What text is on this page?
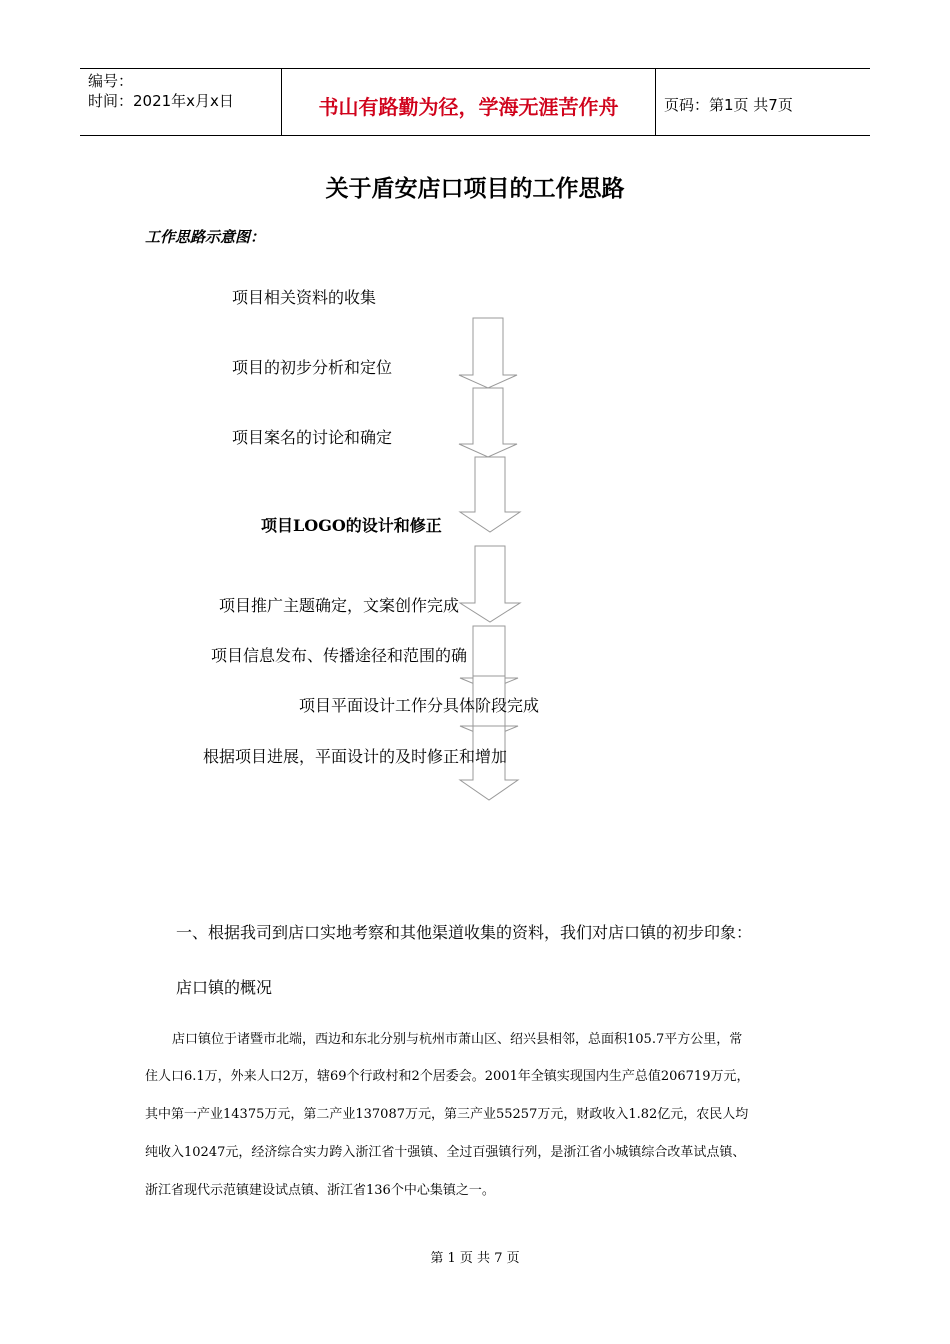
编号：
时间：2021年x月x日	书山有路勤为径，学海无涯苦作舟	页码：第1页 共7页
关于盾安店口项目的工作思路
工作思路示意图：
项目相关资料的收集
项目的初步分析和定位
项目案名的讨论和确定
项目LOGO的设计和修正
项目推广主题确定，文案创作完成
项目信息发布、传播途径和范围的确
项目平面设计工作分具体阶段完成
根据项目进展，平面设计的及时修正和增加
一、根据我司到店口实地考察和其他渠道收集的资料，我们对店口镇的初步印象：
店口镇的概况
店口镇位于诸暨市北端，西边和东北分别与杭州市萧山区、绍兴县相邻，总面积105.7平方公里，常
住人口6.1万，外来人口2万，辖69个行政村和2个居委会。2001年全镇实现国内生产总值206719万元，
其中第一产业14375万元，第二产业137087万元，第三产业55257万元，财政收入1.82亿元，农民人均
纯收入10247元，经济综合实力跨入浙江省十强镇、全过百强镇行列，是浙江省小城镇综合改革试点镇、
浙江省现代示范镇建设试点镇、浙江省136个中心集镇之一。
第 1 页 共 7 页
